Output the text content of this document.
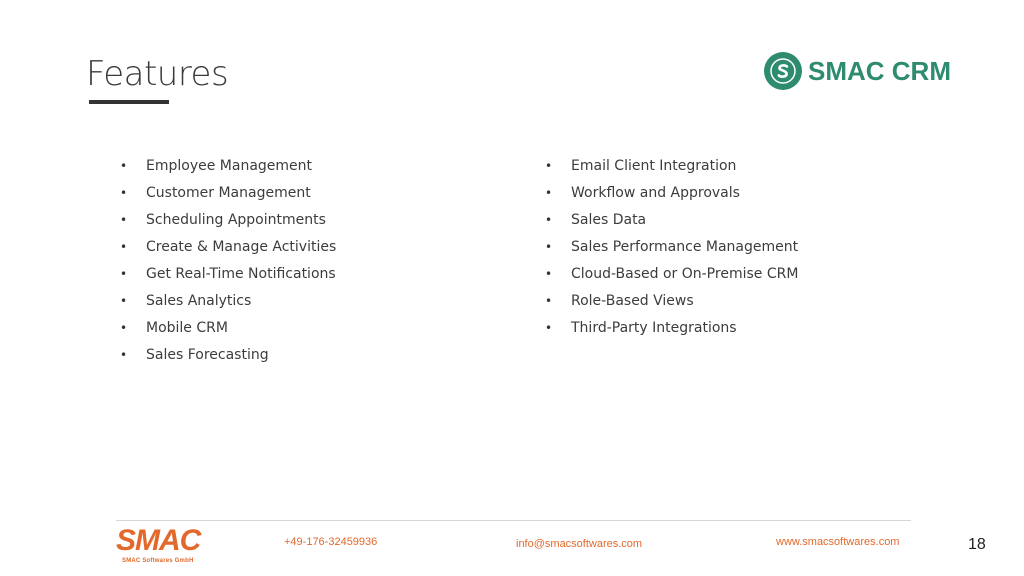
Features	SMAC CRM
• Employee Management
• Customer Management
• Scheduling Appointments
• Create & Manage Activities
• Get Real-Time Notifications
• Sales Analytics
• Mobile CRM
• Sales Forecasting
• Email Client Integration
• Workflow and Approvals
• Sales Data
• Sales Performance Management
• Cloud-Based or On-Premise CRM
• Role-Based Views
• Third-Party Integrations
SMAC
SMAC Softwares GmbH
+49-176-32459936	info@smacsoftwares.com	www.smacsoftwares.com	18
